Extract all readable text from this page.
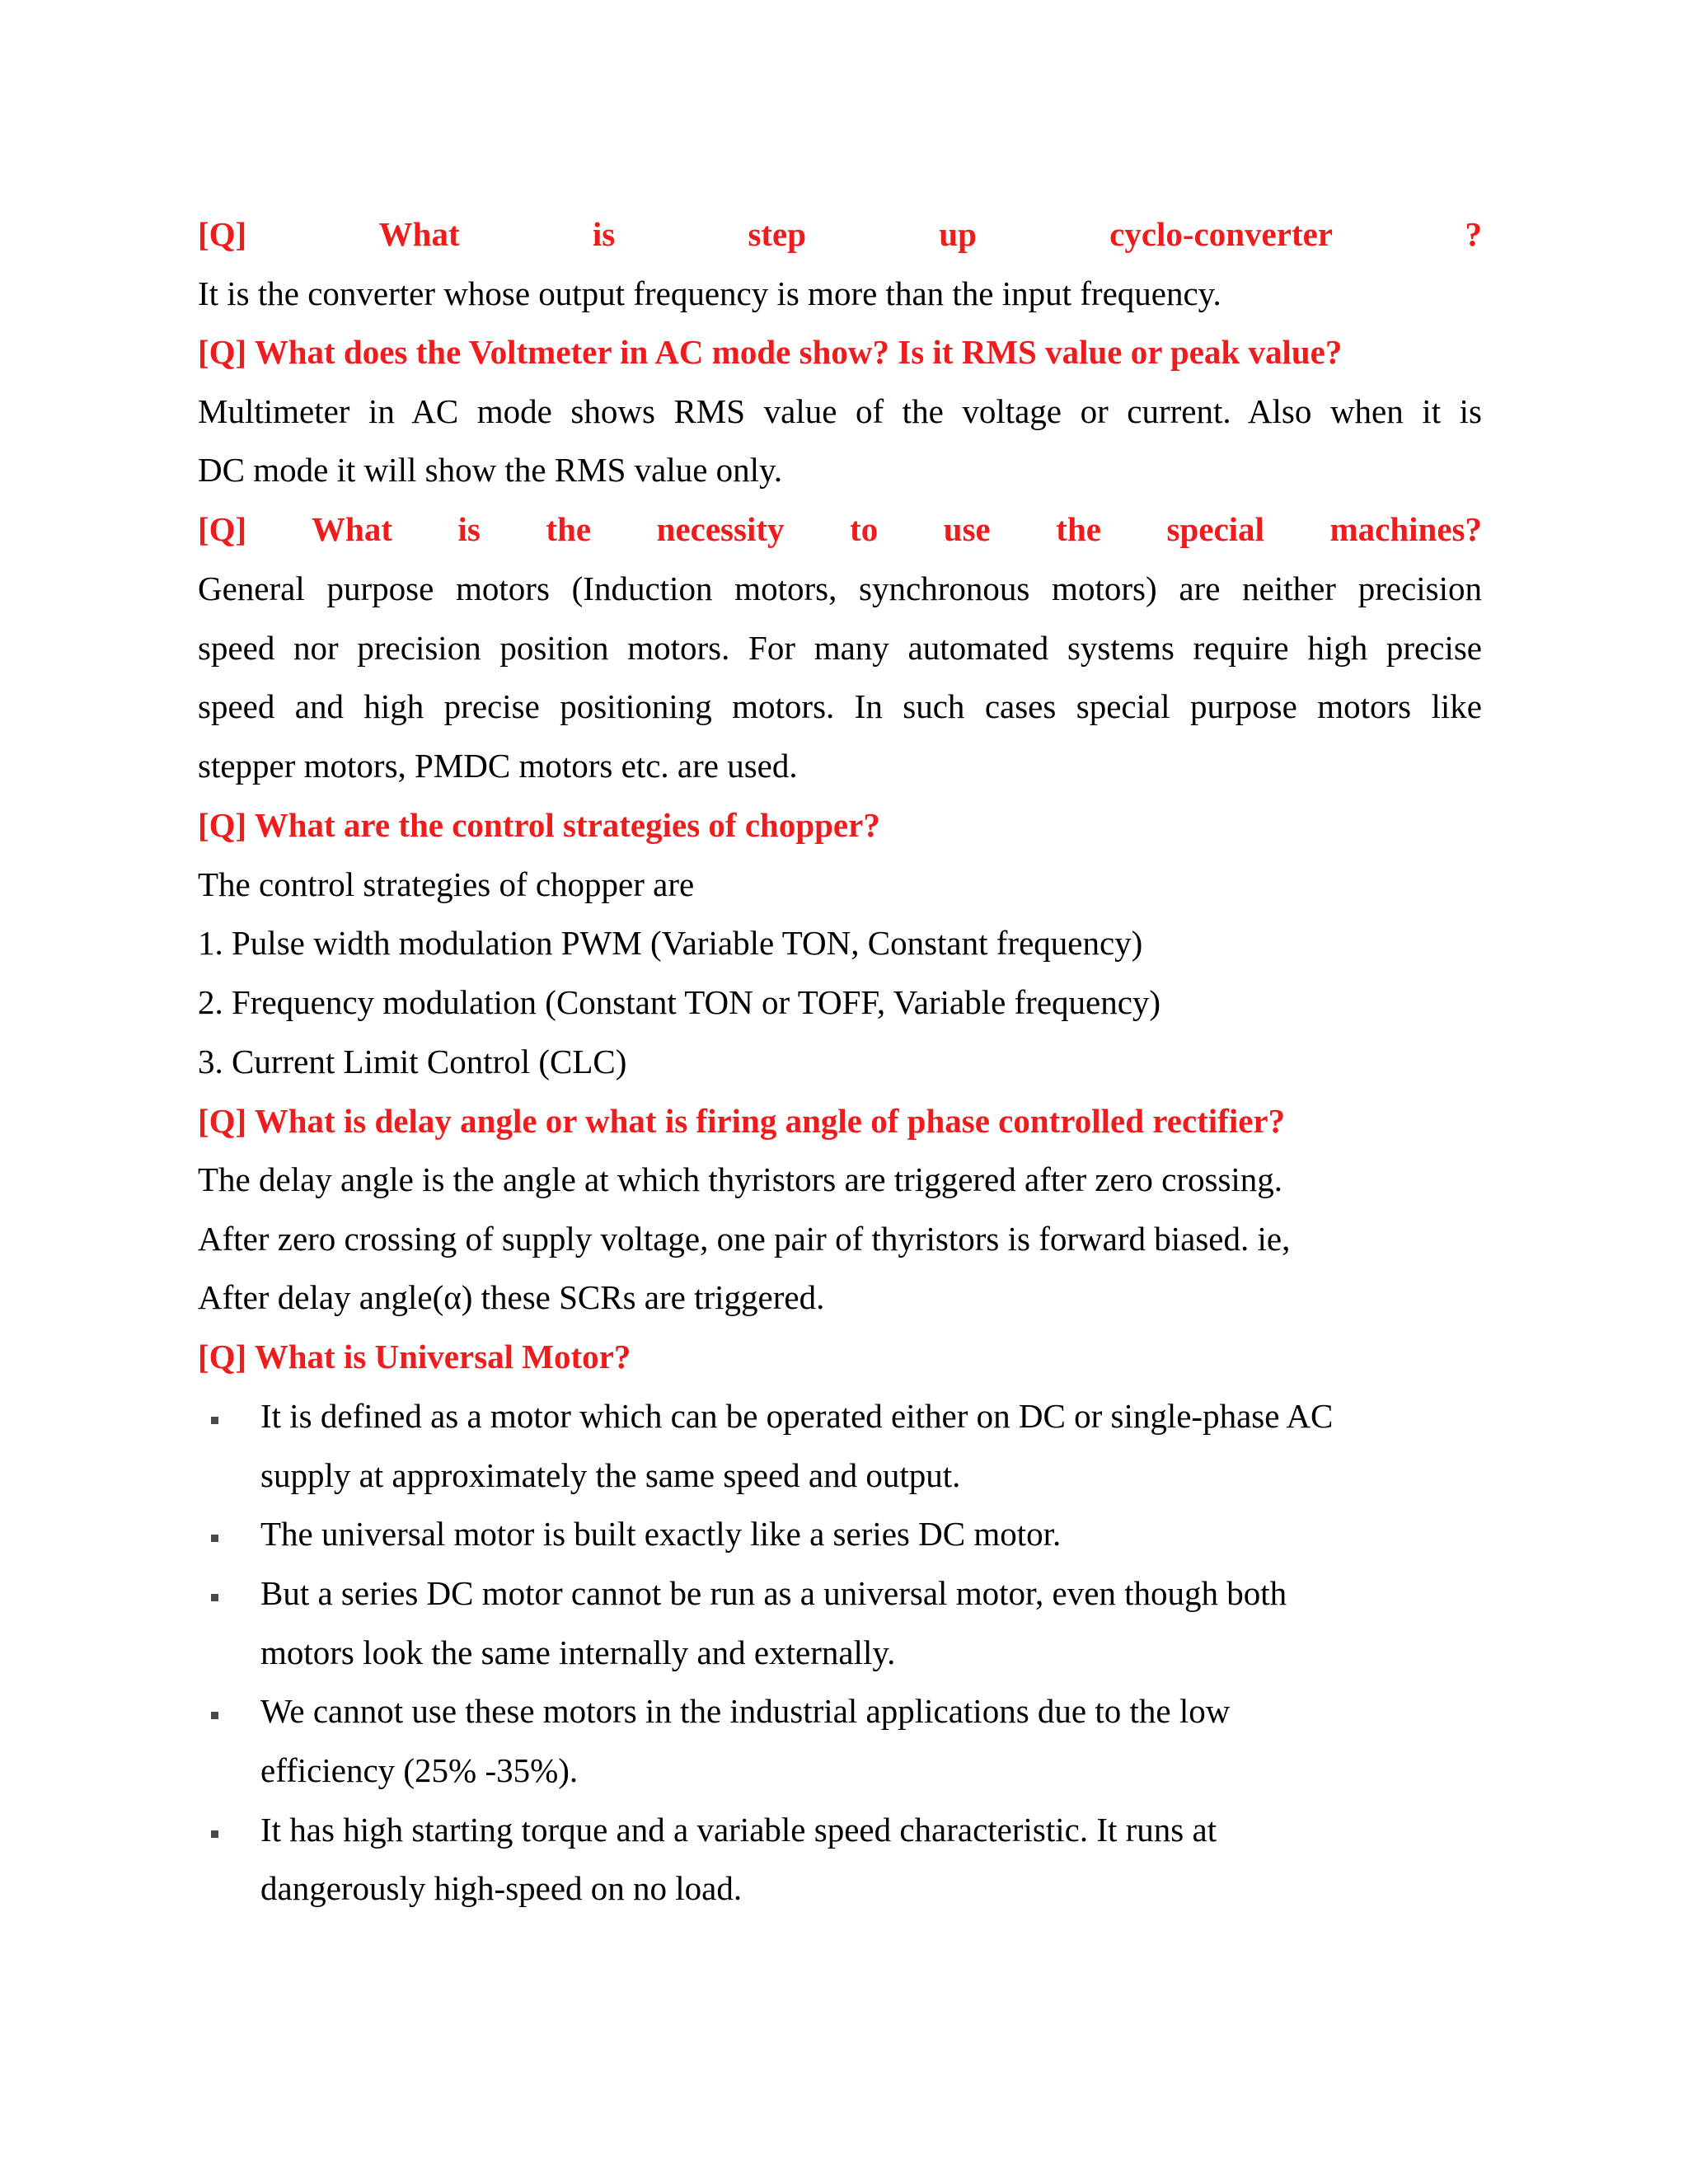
[Q] What is step up cyclo-converter ?

It is the converter whose output frequency is more than the input frequency.

[Q] What does the Voltmeter in AC mode show? Is it RMS value or peak value?

Multimeter in AC mode shows RMS value of the voltage or current. Also when it is

DC mode it will show the RMS value only.

[Q] What is the necessity to use the special machines?

General purpose motors (Induction motors, synchronous motors) are neither precision

speed nor precision position motors. For many automated systems require high precise

speed and high precise positioning motors. In such cases special purpose motors like

stepper motors, PMDC motors etc. are used.

[Q] What are the control strategies of chopper?

The control strategies of chopper are

1. Pulse width modulation PWM (Variable TON, Constant frequency)

2. Frequency modulation (Constant TON or TOFF, Variable frequency)

3. Current Limit Control (CLC)

[Q] What is delay angle or what is firing angle of phase controlled rectifier?

The delay angle is the angle at which thyristors are triggered after zero crossing.

After zero crossing of supply voltage, one pair of thyristors is forward biased. ie,

After delay angle(α) these SCRs are triggered.

[Q] What is Universal Motor?

It is defined as a motor which can be operated either on DC or single-phase AC

supply at approximately the same speed and output.

The universal motor is built exactly like a series DC motor.

But a series DC motor cannot be run as a universal motor, even though both

motors look the same internally and externally.

We cannot use these motors in the industrial applications due to the low

efficiency (25% -35%).

It has high starting torque and a variable speed characteristic. It runs at

dangerously high-speed on no load.
